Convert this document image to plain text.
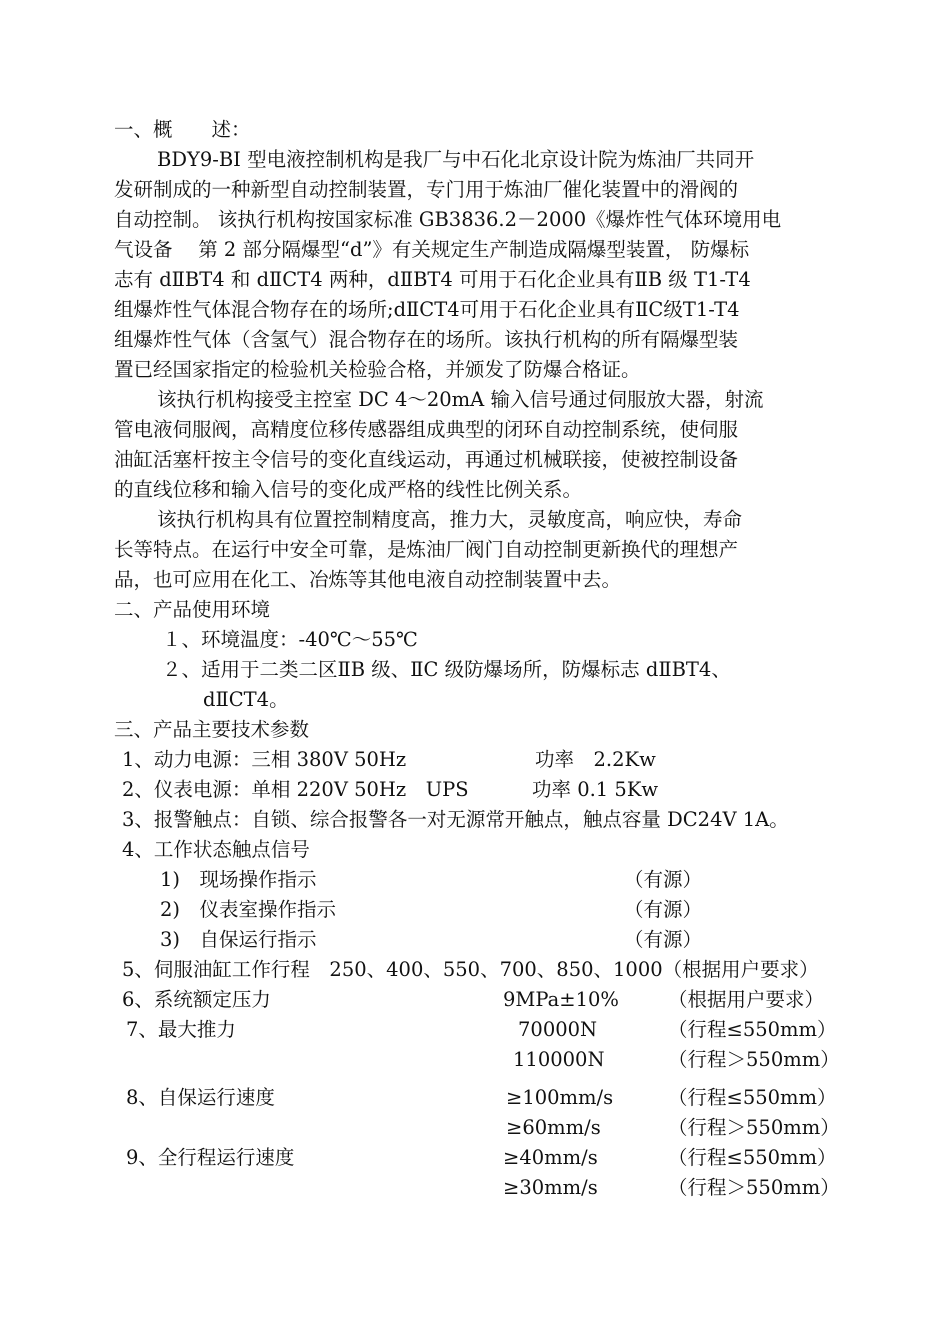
一、概　　述：
BDY9-BI 型电液控制机构是我厂与中石化北京设计院为炼油厂共同开
发研制成的一种新型自动控制装置，专门用于炼油厂催化装置中的滑阀的
自动控制。 该执行机构按国家标准 GB3836.2－2000《爆炸性气体环境用电
气设备　 第 2 部分隔爆型“d”》有关规定生产制造成隔爆型装置， 防爆标
志有 dⅡBT4 和 dⅡCT4 两种，dⅡBT4 可用于石化企业具有ⅡB 级 T1-T4
组爆炸性气体混合物存在的场所;dⅡCT4可用于石化企业具有ⅡC级T1-T4
组爆炸性气体（含氢气）混合物存在的场所。该执行机构的所有隔爆型装
置已经国家指定的检验机关检验合格，并颁发了防爆合格证。
该执行机构接受主控室 DC 4～20mA 输入信号通过伺服放大器，射流
管电液伺服阀，高精度位移传感器组成典型的闭环自动控制系统，使伺服
油缸活塞杆按主令信号的变化直线运动，再通过机械联接，使被控制设备
的直线位移和输入信号的变化成严格的线性比例关系。
该执行机构具有位置控制精度高，推力大，灵敏度高，响应快，寿命
长等特点。在运行中安全可靠，是炼油厂阀门自动控制更新换代的理想产
品，也可应用在化工、冶炼等其他电液自动控制装置中去。
二、产品使用环境
１、环境温度：-40℃～55℃
２、适用于二类二区ⅡB 级、ⅡC 级防爆场所，防爆标志 dⅡBT4、
dⅡCT4。
三、产品主要技术参数
1、动力电源：三相 380V 50Hz	功率　2.2Kw
2、仪表电源：单相 220V 50Hz　UPS	功率 0.1 5Kw
3、报警触点：自锁、综合报警各一对无源常开触点，触点容量 DC24V 1A。
4、工作状态触点信号
1)　现场操作指示	（有源）
2)　仪表室操作指示	（有源）
3)　自保运行指示	（有源）
5、伺服油缸工作行程　250、400、550、700、850、1000（根据用户要求）
6、系统额定压力	9MPa±10%	（根据用户要求）
7、最大推力	70000N	（行程≤550mm）
110000N	（行程＞550mm）
8、自保运行速度	≥100mm/s	（行程≤550mm）
≥60mm/s	（行程＞550mm）
9、全行程运行速度	≥40mm/s	（行程≤550mm）
≥30mm/s	（行程＞550mm）
